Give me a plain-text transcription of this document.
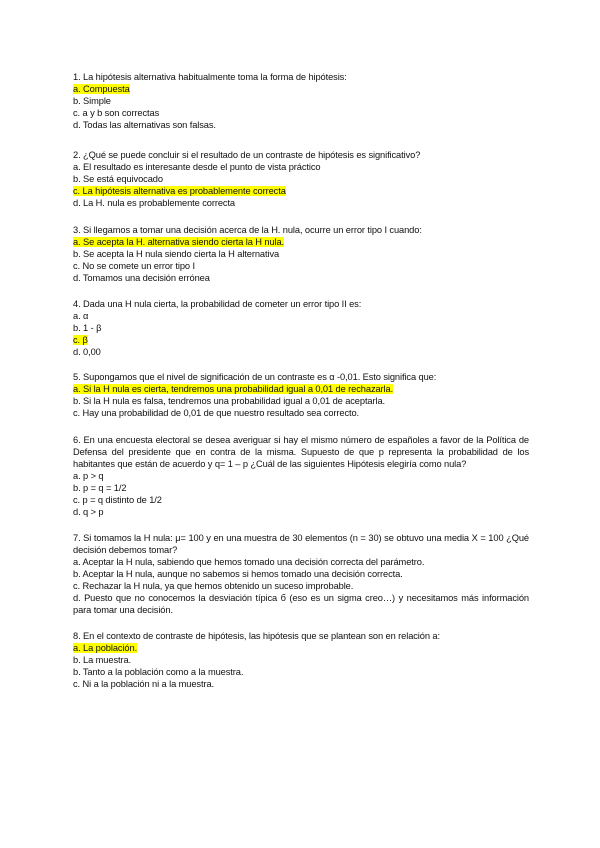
1. La hipótesis alternativa habitualmente toma la forma de hipótesis:
a. Compuesta
b. Simple
c. a y b son correctas
d. Todas las alternativas son falsas.
2. ¿Qué se puede concluir si el resultado de un contraste de hipótesis es significativo?
a. El resultado es interesante desde el punto de vista práctico
b. Se está equivocado
c. La hipótesis alternativa es probablemente correcta
d. La H. nula es probablemente correcta
3. Si llegamos a tomar una decisión acerca de la H. nula, ocurre un error tipo I cuando:
a. Se acepta la H. alternativa siendo cierta la H nula.
b. Se acepta la H nula siendo cierta la H alternativa
c. No se comete un error tipo I
d. Tomamos una decisión errónea
4. Dada una H nula cierta, la probabilidad de cometer un error tipo II es:
a. α
b. 1 - β
c. β
d. 0,00
5. Supongamos que el nivel de significación de un contraste es α -0,01. Esto significa que:
a. Si la H nula es cierta, tendremos una probabilidad igual a 0,01 de rechazarla.
b. Si la H nula es falsa, tendremos una probabilidad igual a 0,01 de aceptarla.
c. Hay una probabilidad de 0,01 de que nuestro resultado sea correcto.
6. En una encuesta electoral se desea averiguar si hay el mismo número de españoles a favor de la Política de Defensa del presidente que en contra de la misma. Supuesto de que p representa la probabilidad de los habitantes que están de acuerdo y q= 1 – p ¿Cuál de las siguientes Hipótesis elegiría como nula?
a. p > q
b. p = q = 1/2
c. p = q distinto de 1/2
d. q > p
7. Si tomamos la H nula: μ= 100 y en una muestra de 30 elementos (n = 30) se obtuvo una media X = 100 ¿Qué decisión debemos tomar?
a. Aceptar la H nula, sabiendo que hemos tomado una decisión correcta del parámetro.
b. Aceptar la H nula, aunque no sabemos si hemos tomado una decisión correcta.
c. Rechazar la H nula, ya que hemos obtenido un suceso improbable.
d. Puesto que no conocemos la desviación típica б (eso es un sigma creo…) y necesitamos más información para tomar una decisión.
8. En el contexto de contraste de hipótesis, las hipótesis que se plantean son en relación a:
a. La población.
b. La muestra.
b. Tanto a la población como a la muestra.
c. Ni a la población ni a la muestra.
